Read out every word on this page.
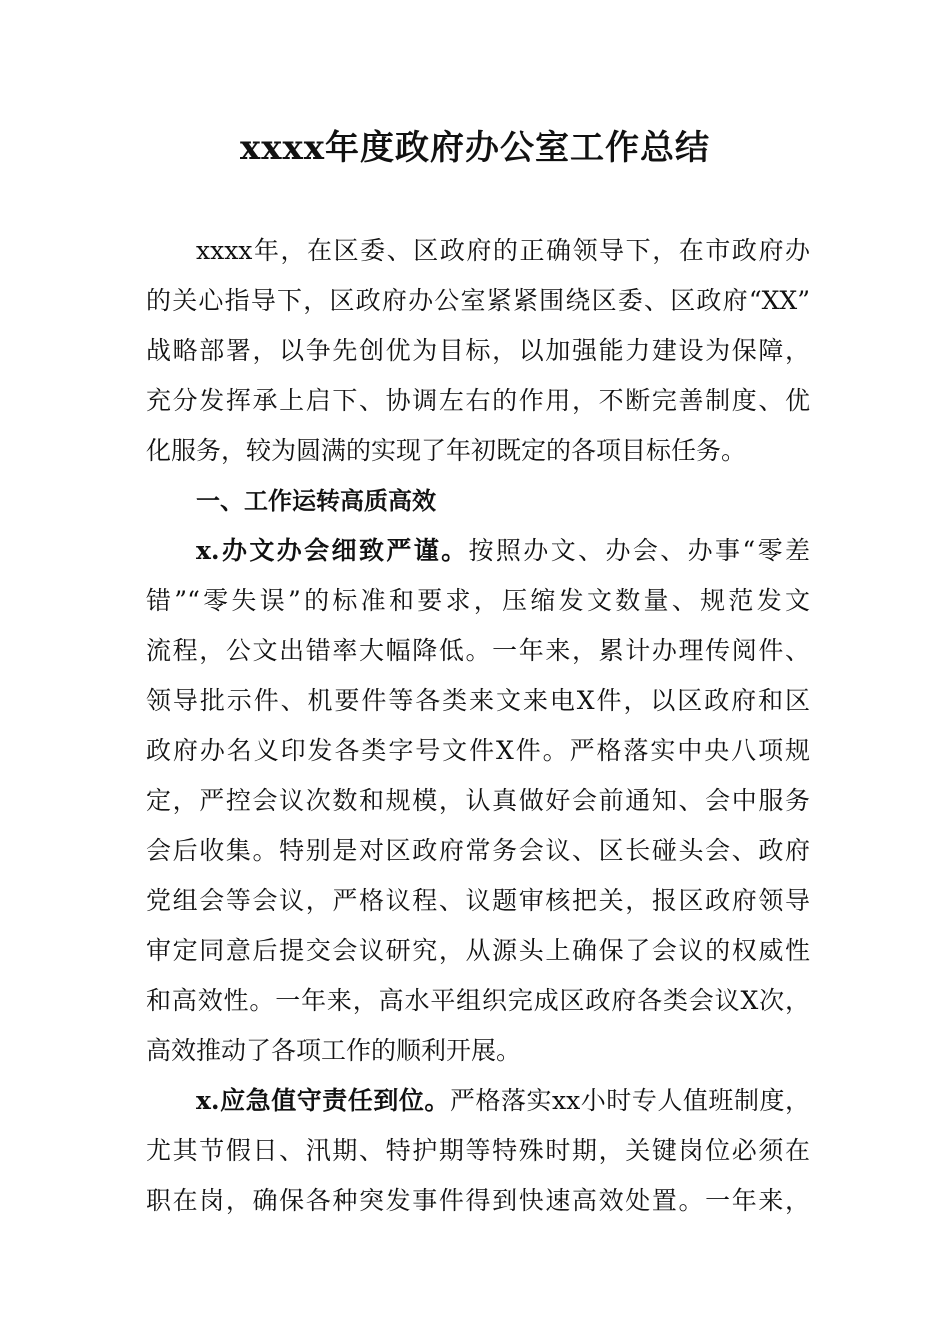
xxxx年度政府办公室工作总结
xxxx年，在区委、区政府的正确领导下，在市政府办
的关心指导下，区政府办公室紧紧围绕区委、区政府“XX”
战略部署，以争先创优为目标，以加强能力建设为保障，
充分发挥承上启下、协调左右的作用，不断完善制度、优
化服务，较为圆满的实现了年初既定的各项目标任务。
一、工作运转高质高效
x.办文办会细致严谨。按照办文、办会、办事“零差
错”“零失误”的标准和要求，压缩发文数量、规范发文
流程，公文出错率大幅降低。一年来，累计办理传阅件、
领导批示件、机要件等各类来文来电X件，以区政府和区
政府办名义印发各类字号文件X件。严格落实中央八项规
定，严控会议次数和规模，认真做好会前通知、会中服务
会后收集。特别是对区政府常务会议、区长碰头会、政府
党组会等会议，严格议程、议题审核把关，报区政府领导
审定同意后提交会议研究，从源头上确保了会议的权威性
和高效性。一年来，高水平组织完成区政府各类会议X次，
高效推动了各项工作的顺利开展。
x.应急值守责任到位。严格落实xx小时专人值班制度，
尤其节假日、汛期、特护期等特殊时期，关键岗位必须在
职在岗，确保各种突发事件得到快速高效处置。一年来，
